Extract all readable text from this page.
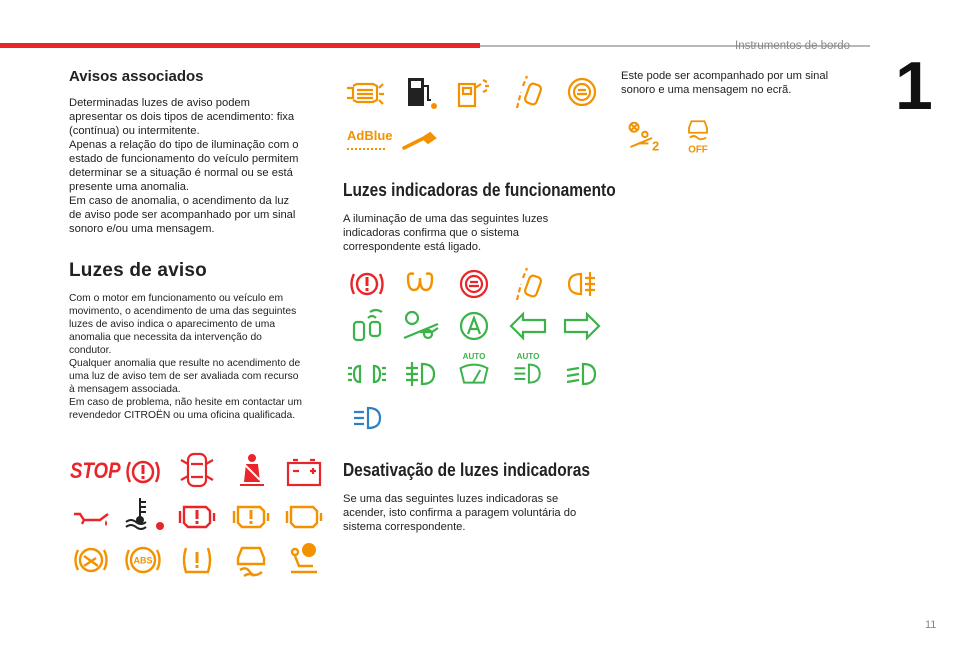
Instrumentos de bordo
1
11
Avisos associados
Determinadas luzes de aviso podem
apresentar os dois tipos de acendimento: fixa
(contínua) ou intermitente.
Apenas a relação do tipo de iluminação com o
estado de funcionamento do veículo permitem
determinar se a situação é normal ou se está
presente uma anomalia.
Em caso de anomalia, o acendimento da luz
de aviso pode ser acompanhado por um sinal
sonoro e/ou uma mensagem.
Luzes de aviso
Com o motor em funcionamento ou veículo em
movimento, o acendimento de uma das seguintes
luzes de aviso indica o aparecimento de uma
anomalia que necessita da intervenção do
condutor.
Qualquer anomalia que resulte no acendimento de
uma luz de aviso tem de ser avaliada com recurso
à mensagem associada.
Em caso de problema, não hesite em contactar um
revendedor CITROËN ou uma oficina qualificada.
STOP
ABS
AdBlue
Luzes indicadoras de funcionamento
A iluminação de uma das seguintes luzes
indicadoras confirma que o sistema
correspondente está ligado.
AUTO	AUTO
Desativação de luzes indicadoras
Se uma das seguintes luzes indicadoras se
acender, isto confirma a paragem voluntária do
sistema correspondente.
Este pode ser acompanhado por um sinal
sonoro e uma mensagem no ecrã.
2 OFF
